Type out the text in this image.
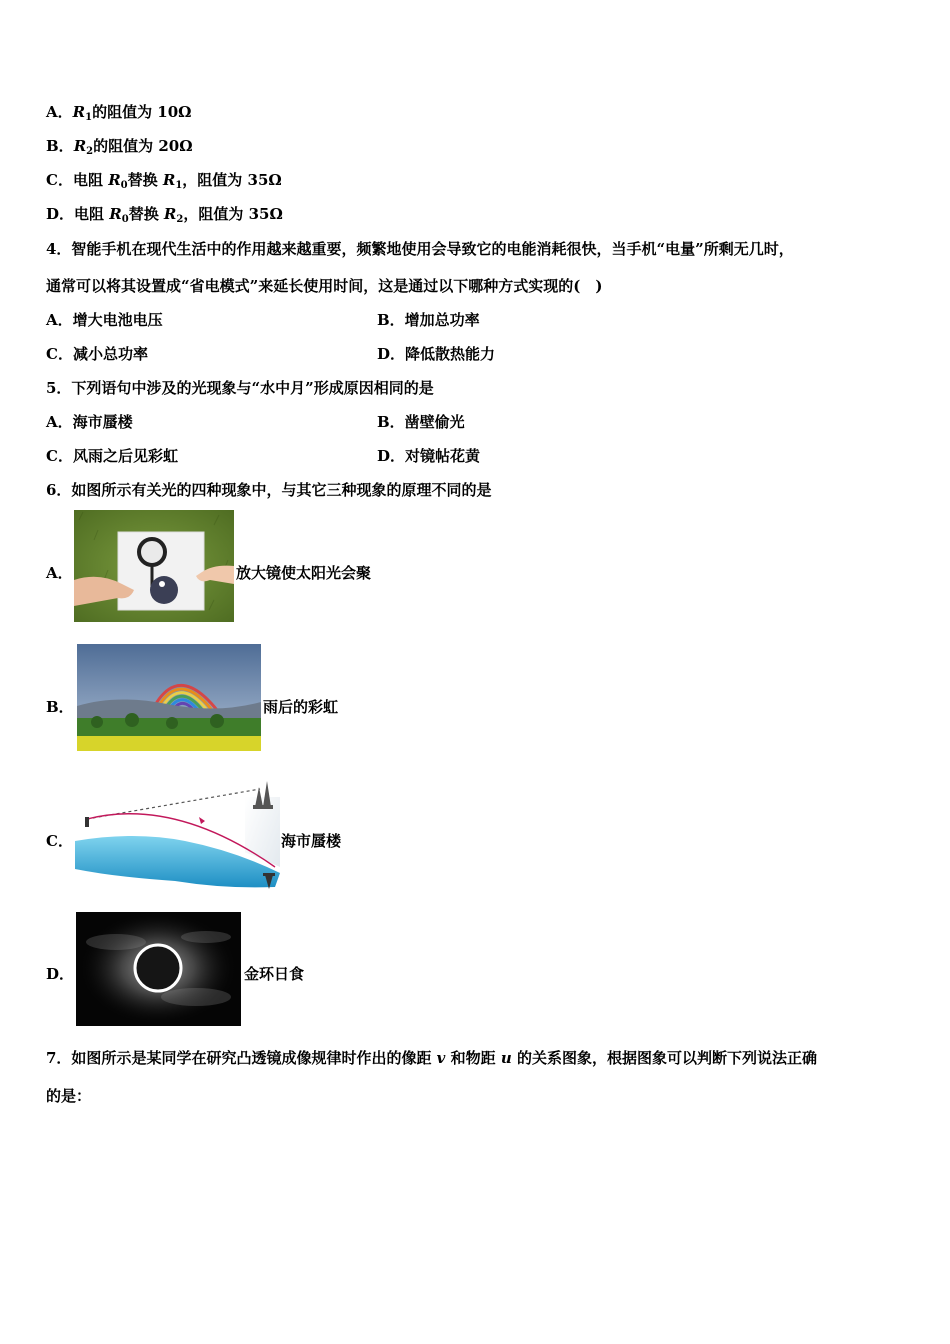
A．$R_1$的阻值为 10Ω
B．$R_2$的阻值为 20Ω
C．电阻 $R_0$替换 $R_1$，阻值为 35Ω
D．电阻 $R_0$替换 $R_2$，阻值为 35Ω
4．智能手机在现代生活中的作用越来越重要，频繁地使用会导致它的电能消耗很快，当手机“电量”所剩无几时，
通常可以将其设置成“省电模式”来延长使用时间，这是通过以下哪种方式实现的(　)
A．增大电池电压	B．增加总功率
C．减小总功率	D．降低散热能力
5．下列语句中涉及的光现象与“水中月”形成原因相同的是
A．海市蜃楼	B．凿壁偷光
C．风雨之后见彩虹	D．对镜帖花黄
6．如图所示有关光的四种现象中，与其它三种现象的原理不同的是
A．	放大镜使太阳光会聚
B．	雨后的彩虹
C．	海市蜃楼
D．	金环日食
7．如图所示是某同学在研究凸透镜成像规律时作出的像距 v 和物距 u 的关系图象，根据图象可以判断下列说法正确
的是：
